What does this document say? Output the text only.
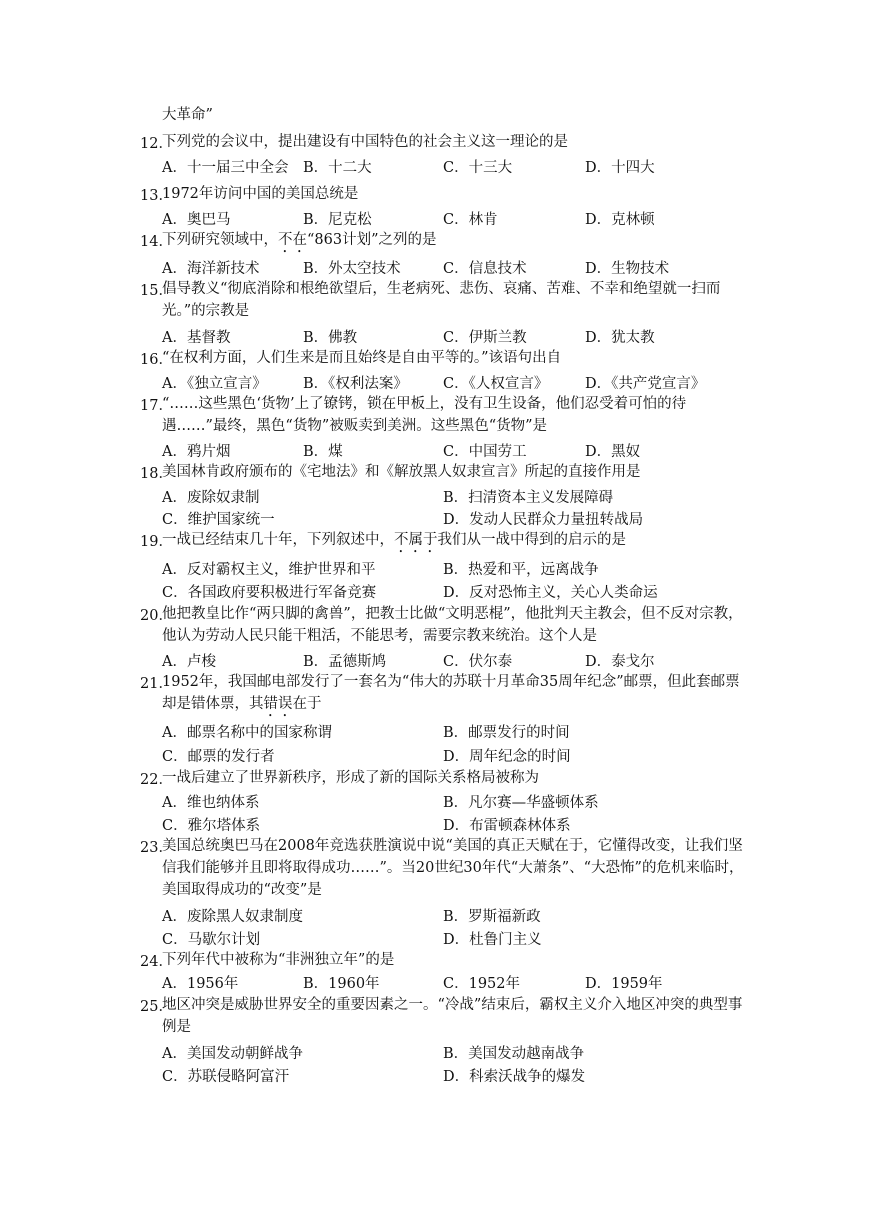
大革命”
12．
下列党的会议中，提出建设有中国特色的社会主义这一理论的是
A．十一届三中全会 B．十二大	C．十三大	D．十四大
13．
1972年访问中国的美国总统是
A．奥巴马	B．尼克松	C．林肯	D．克林顿
14．
下列研究领域中，不在“863计划”之列的是
A．海洋新技术	B．外太空技术	C．信息技术	D．生物技术
15．
倡导教义“彻底消除和根绝欲望后，生老病死、悲伤、哀痛、苦难、不幸和绝望就一扫而光。”的宗教是
A．基督教	B．佛教	C．伊斯兰教	D．犹太教
16．
“在权利方面，人们生来是而且始终是自由平等的。”该语句出自
A．《独立宣言》	B．《权利法案》 C．《人权宣言》	D．《共产党宣言》
17．
“……这些黑色‘货物’上了镣铐，锁在甲板上，没有卫生设备，他们忍受着可怕的待遇……”最终，黑色“货物”被贩卖到美洲。这些黑色“货物”是
A．鸦片烟	B．煤	C．中国劳工	D．黑奴
18．
美国林肯政府颁布的《宅地法》和《解放黑人奴隶宣言》所起的直接作用是
A．废除奴隶制	B．扫清资本主义发展障碍
C．维护国家统一	D．发动人民群众力量扭转战局
19．
一战已经结束几十年，下列叙述中，不属于我们从一战中得到的启示的是
A．反对霸权主义，维护世界和平	B．热爱和平，远离战争
C．各国政府要积极进行军备竞赛	D．反对恐怖主义，关心人类命运
20．
他把教皇比作“两只脚的禽兽”，把教士比做“文明恶棍”，他批判天主教会，但不反对宗教，他认为劳动人民只能干粗活，不能思考，需要宗教来统治。这个人是
A．卢梭	B．孟德斯鸠	C．伏尔泰	D．泰戈尔
21．
1952年，我国邮电部发行了一套名为“伟大的苏联十月革命35周年纪念”邮票，但此套邮票却是错体票，其错误在于
A．邮票名称中的国家称谓	B．邮票发行的时间
C．邮票的发行者	D．周年纪念的时间
22．
一战后建立了世界新秩序，形成了新的国际关系格局被称为
A．维也纳体系	B．凡尔赛—华盛顿体系
C．雅尔塔体系	D．布雷顿森林体系
23．
美国总统奥巴马在2008年竞选获胜演说中说“美国的真正天赋在于，它懂得改变，让我们坚信我们能够并且即将取得成功……”。当20世纪30年代“大萧条”、“大恐怖”的危机来临时，美国取得成功的“改变”是
A．废除黑人奴隶制度	B．罗斯福新政
C．马歇尔计划	D．杜鲁门主义
24．
下列年代中被称为“非洲独立年”的是
A．1956年	B．1960年	C．1952年	D．1959年
25．
地区冲突是威胁世界安全的重要因素之一。“冷战”结束后，霸权主义介入地区冲突的典型事例是
A．美国发动朝鲜战争	B．美国发动越南战争
C．苏联侵略阿富汗	D．科索沃战争的爆发
